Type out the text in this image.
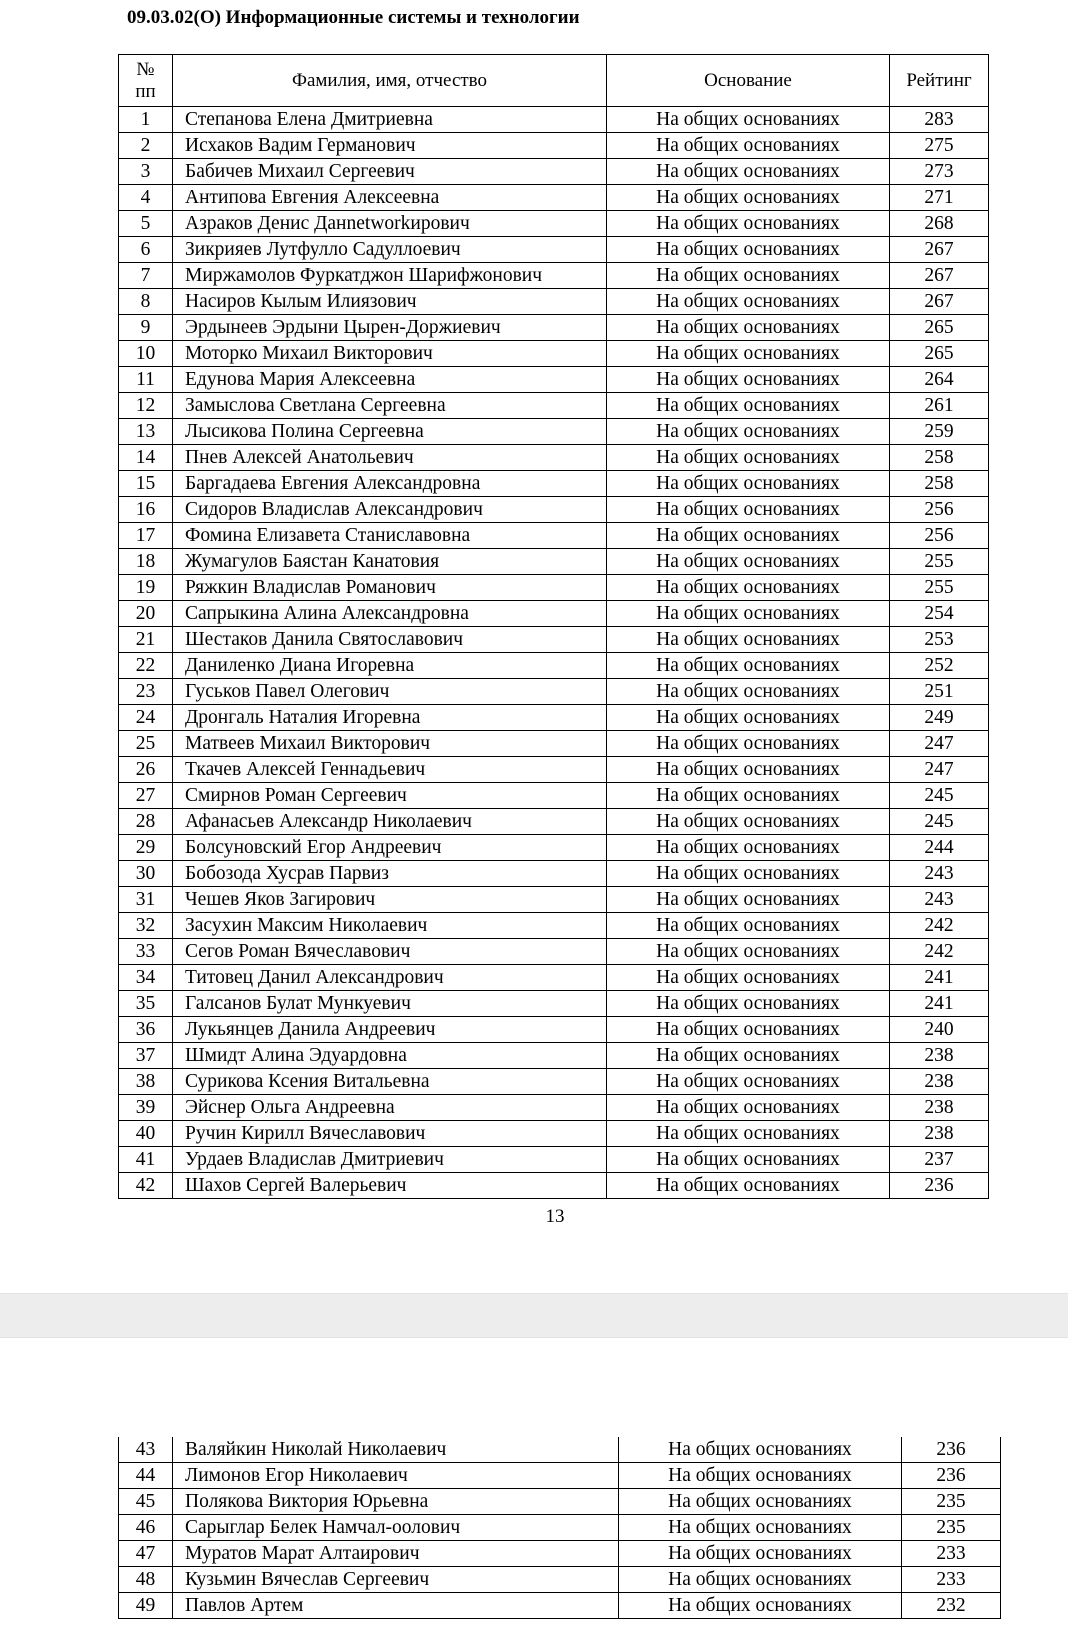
09.03.02(О) Информационные системы и технологии
№
пп	Фамилия, имя, отчество	Основание	Рейтинг
1	Степанова Елена Дмитриевна	На общих основаниях	283
2	Исхаков Вадим Германович	На общих основаниях	275
3	Бабичев Михаил Сергеевич	На общих основаниях	273
4	Антипова Евгения Алексеевна	На общих основаниях	271
5	Азраков Денис Данnetworkирович	На общих основаниях	268
6	Зикрияев Лутфулло Садуллоевич	На общих основаниях	267
7	Миржамолов Фуркатджон Шарифжонович	На общих основаниях	267
8	Насиров Кылым Илиязович	На общих основаниях	267
9	Эрдынеев Эрдыни Цырен-Доржиевич	На общих основаниях	265
10	Моторко Михаил Викторович	На общих основаниях	265
11	Едунова Мария Алексеевна	На общих основаниях	264
12	Замыслова Светлана Сергеевна	На общих основаниях	261
13	Лысикова Полина Сергеевна	На общих основаниях	259
14	Пнев Алексей Анатольевич	На общих основаниях	258
15	Баргадаева Евгения Александровна	На общих основаниях	258
16	Сидоров Владислав Александрович	На общих основаниях	256
17	Фомина Елизавета Станиславовна	На общих основаниях	256
18	Жумагулов Баястан Канатовия	На общих основаниях	255
19	Ряжкин Владислав Романович	На общих основаниях	255
20	Сапрыкина Алина Александровна	На общих основаниях	254
21	Шестаков Данила Святославович	На общих основаниях	253
22	Даниленко Диана Игоревна	На общих основаниях	252
23	Гуськов Павел Олегович	На общих основаниях	251
24	Дронгаль Наталия Игоревна	На общих основаниях	249
25	Матвеев Михаил Викторович	На общих основаниях	247
26	Ткачев Алексей Геннадьевич	На общих основаниях	247
27	Смирнов Роман Сергеевич	На общих основаниях	245
28	Афанасьев Александр Николаевич	На общих основаниях	245
29	Болсуновский Егор Андреевич	На общих основаниях	244
30	Бобозода Хусрав Парвиз	На общих основаниях	243
31	Чешев Яков Загирович	На общих основаниях	243
32	Засухин Максим Николаевич	На общих основаниях	242
33	Сегов Роман Вячеславович	На общих основаниях	242
34	Титовец Данил Александрович	На общих основаниях	241
35	Галсанов Булат Мункуевич	На общих основаниях	241
36	Лукьянцев Данила Андреевич	На общих основаниях	240
37	Шмидт Алина Эдуардовна	На общих основаниях	238
38	Сурикова Ксения Витальевна	На общих основаниях	238
39	Эйснер Ольга Андреевна	На общих основаниях	238
40	Ручин Кирилл Вячеславович	На общих основаниях	238
41	Урдаев Владислав Дмитриевич	На общих основаниях	237
42	Шахов Сергей Валерьевич	На общих основаниях	236
13
43	Валяйкин Николай Николаевич	На общих основаниях	236
44	Лимонов Егор Николаевич	На общих основаниях	236
45	Полякова Виктория Юрьевна	На общих основаниях	235
46	Сарыглар Белек Намчал-оолович	На общих основаниях	235
47	Муратов Марат Алтаирович	На общих основаниях	233
48	Кузьмин Вячеслав Сергеевич	На общих основаниях	233
49	Павлов Артем	На общих основаниях	232
